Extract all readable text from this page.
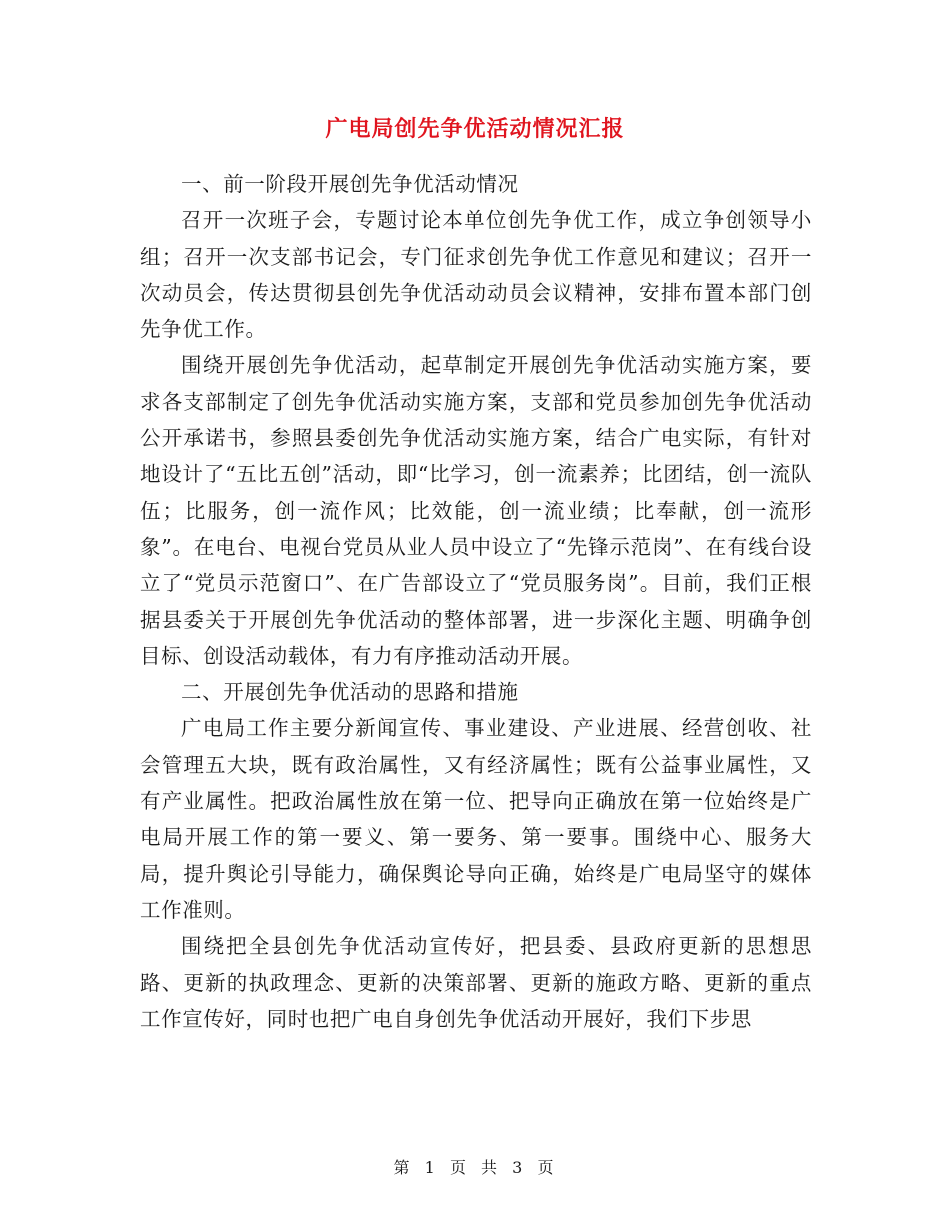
广电局创先争优活动情况汇报

一、前一阶段开展创先争优活动情况

召开一次班子会，专题讨论本单位创先争优工作，成立争创领导小组；召开一次支部书记会，专门征求创先争优工作意见和建议；召开一次动员会，传达贯彻县创先争优活动动员会议精神，安排布置本部门创先争优工作。

围绕开展创先争优活动，起草制定开展创先争优活动实施方案，要求各支部制定了创先争优活动实施方案，支部和党员参加创先争优活动公开承诺书，参照县委创先争优活动实施方案，结合广电实际，有针对地设计了“五比五创”活动，即“比学习，创一流素养；比团结，创一流队伍；比服务，创一流作风；比效能，创一流业绩；比奉献，创一流形象”。在电台、电视台党员从业人员中设立了“先锋示范岗”、在有线台设立了“党员示范窗口”、在广告部设立了“党员服务岗”。目前，我们正根据县委关于开展创先争优活动的整体部署，进一步深化主题、明确争创目标、创设活动载体，有力有序推动活动开展。

二、开展创先争优活动的思路和措施

广电局工作主要分新闻宣传、事业建设、产业进展、经营创收、社会管理五大块，既有政治属性，又有经济属性；既有公益事业属性，又有产业属性。把政治属性放在第一位、把导向正确放在第一位始终是广电局开展工作的第一要义、第一要务、第一要事。围绕中心、服务大局，提升舆论引导能力，确保舆论导向正确，始终是广电局坚守的媒体工作准则。

围绕把全县创先争优活动宣传好，把县委、县政府更新的思想思路、更新的执政理念、更新的决策部署、更新的施政方略、更新的重点工作宣传好，同时也把广电自身创先争优活动开展好，我们下步思

第 1 页 共 3 页
